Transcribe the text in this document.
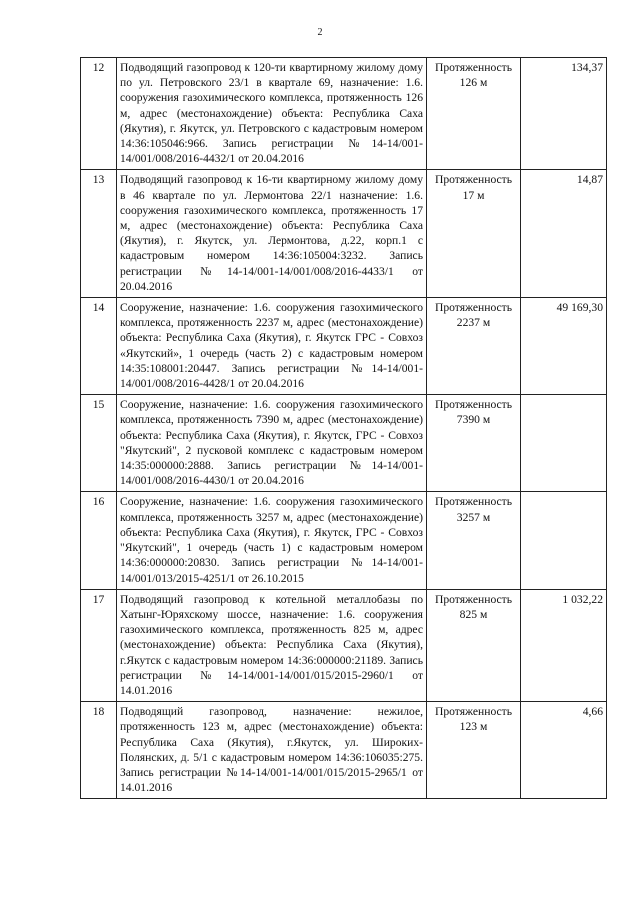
2
12	Подводящий газопровод к 120-ти квартирному жилому дому по ул. Петровского 23/1 в квартале 69, назначение: 1.6. сооружения газохимического комплекса, протяженность 126 м, адрес (местонахождение) объекта: Республика Саха (Якутия), г. Якутск, ул. Петровского с кадастровым номером 14:36:105046:966. Запись регистрации №14-14/001-14/001/008/2016-4432/1 от 20.04.2016	Протяженность
126 м	134,37
13	Подводящий газопровод к 16-ти квартирному жилому дому в 46 квартале по ул. Лермонтова 22/1 назначение: 1.6. сооружения газохимического комплекса, протяженность 17 м, адрес (местонахождение) объекта: Республика Саха (Якутия), г. Якутск, ул. Лермонтова, д.22, корп.1 с кадастровым номером 14:36:105004:3232. Запись регистрации №14-14/001-14/001/008/2016-4433/1 от 20.04.2016	Протяженность
17 м	14,87
14	Сооружение, назначение: 1.6. сооружения газохимического комплекса, протяженность 2237 м, адрес (местонахождение) объекта: Республика Саха (Якутия), г. Якутск ГРС - Совхоз «Якутский», 1 очередь (часть 2) с кадастровым номером 14:35:108001:20447. Запись регистрации №14-14/001-14/001/008/2016-4428/1 от 20.04.2016	Протяженность
2237 м	49 169,30
15	Сооружение, назначение: 1.6. сооружения газохимического комплекса, протяженность 7390 м, адрес (местонахождение) объекта: Республика Саха (Якутия), г. Якутск, ГРС - Совхоз "Якутский", 2 пусковой комплекс с кадастровым номером 14:35:000000:2888. Запись регистрации №14-14/001-14/001/008/2016-4430/1 от 20.04.2016	Протяженность
7390 м	
16	Сооружение, назначение: 1.6. сооружения газохимического комплекса, протяженность 3257 м, адрес (местонахождение) объекта: Республика Саха (Якутия), г. Якутск, ГРС - Совхоз "Якутский", 1 очередь (часть 1) с кадастровым номером 14:36:000000:20830. Запись регистрации №14-14/001-14/001/013/2015-4251/1 от 26.10.2015	Протяженность
3257 м	
17	Подводящий газопровод к котельной металлобазы по Хатынг-Юряхскому шоссе, назначение: 1.6. сооружения газохимического комплекса, протяженность 825 м, адрес (местонахождение) объекта: Республика Саха (Якутия), г.Якутск с кадастровым номером 14:36:000000:21189. Запись регистрации №14-14/001-14/001/015/2015-2960/1 от 14.01.2016	Протяженность
825 м	1 032,22
18	Подводящий газопровод, назначение: нежилое, протяженность 123 м, адрес (местонахождение) объекта: Республика Саха (Якутия), г.Якутск, ул. Широких-Полянских, д. 5/1 с кадастровым номером 14:36:106035:275. Запись регистрации №14-14/001-14/001/015/2015-2965/1 от 14.01.2016	Протяженность
123 м	4,66
